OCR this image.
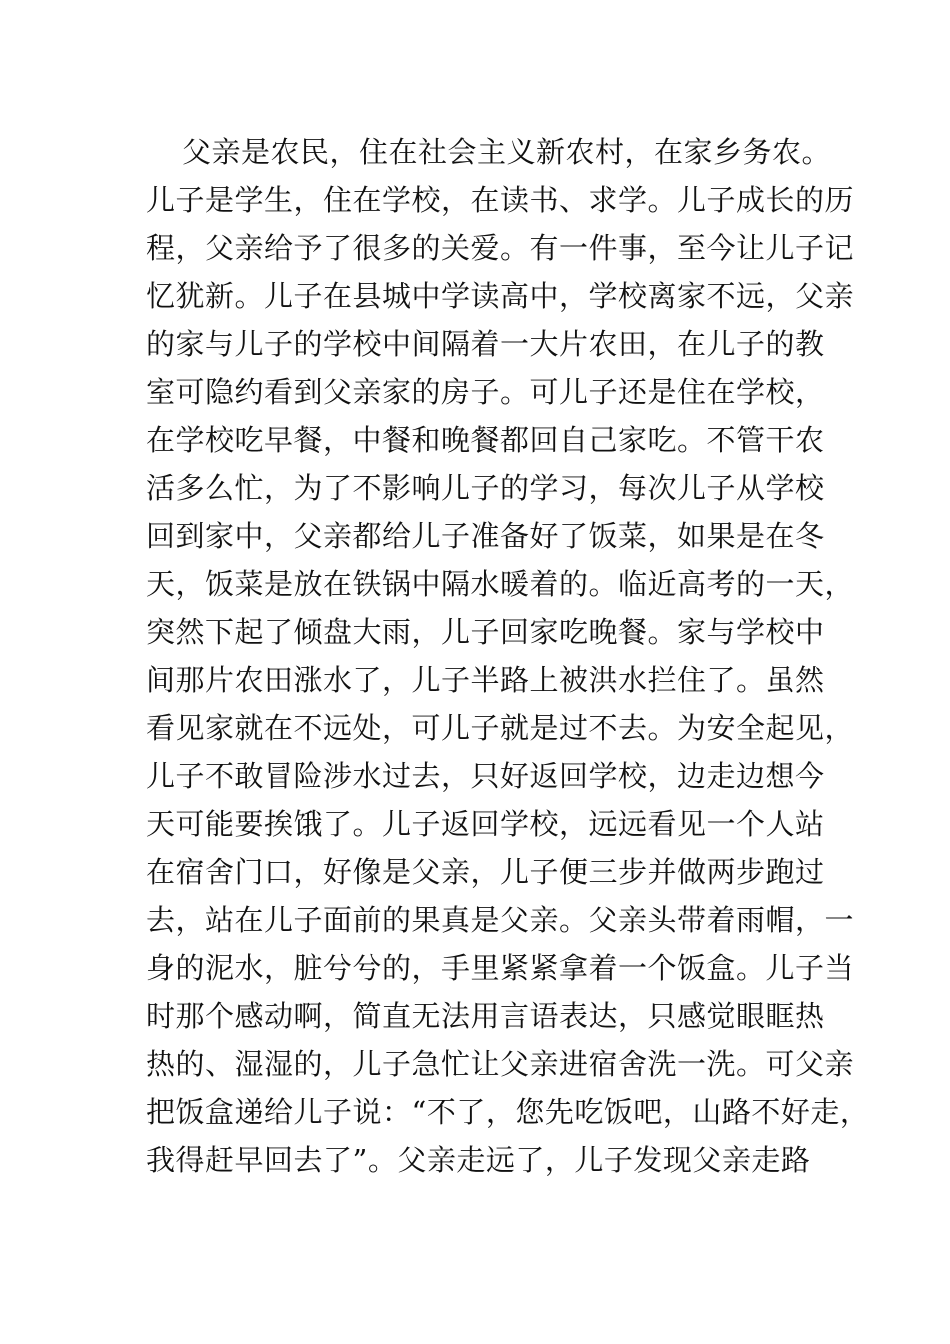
父亲是农民，住在社会主义新农村，在家乡务农。
儿子是学生，住在学校，在读书、求学。儿子成长的历
程，父亲给予了很多的关爱。有一件事，至今让儿子记
忆犹新。儿子在县城中学读高中，学校离家不远，父亲
的家与儿子的学校中间隔着一大片农田，在儿子的教
室可隐约看到父亲家的房子。可儿子还是住在学校，
在学校吃早餐，中餐和晚餐都回自己家吃。不管干农
活多么忙，为了不影响儿子的学习，每次儿子从学校
回到家中，父亲都给儿子准备好了饭菜，如果是在冬
天，饭菜是放在铁锅中隔水暖着的。临近高考的一天，
突然下起了倾盘大雨，儿子回家吃晚餐。家与学校中
间那片农田涨水了，儿子半路上被洪水拦住了。虽然
看见家就在不远处，可儿子就是过不去。为安全起见，
儿子不敢冒险涉水过去，只好返回学校，边走边想今
天可能要挨饿了。儿子返回学校，远远看见一个人站
在宿舍门口，好像是父亲，儿子便三步并做两步跑过
去，站在儿子面前的果真是父亲。父亲头带着雨帽，一
身的泥水，脏兮兮的，手里紧紧拿着一个饭盒。儿子当
时那个感动啊，简直无法用言语表达，只感觉眼眶热
热的、湿湿的，儿子急忙让父亲进宿舍洗一洗。可父亲
把饭盒递给儿子说：“不了，您先吃饭吧，山路不好走，
我得赶早回去了”。父亲走远了，儿子发现父亲走路
